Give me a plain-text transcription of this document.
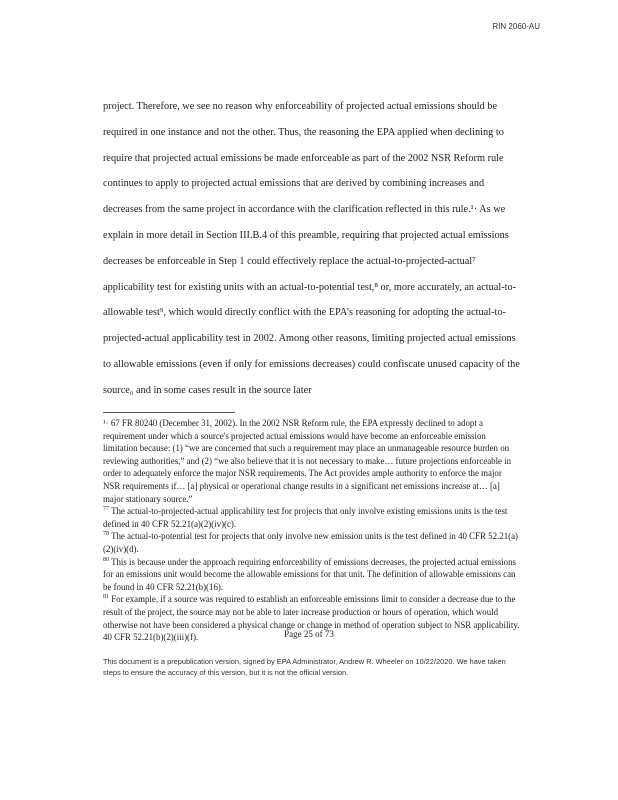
RIN 2060-AU

project. Therefore, we see no reason why enforceability of projected actual emissions should be required in one instance and not the other. Thus, the reasoning the EPA applied when declining to require that projected actual emissions be made enforceable as part of the 2002 NSR Reform rule continues to apply to projected actual emissions that are derived by combining increases and decreases from the same project in accordance with the clarification reflected in this rule.¹· As we explain in more detail in Section III.B.4 of this preamble, requiring that projected actual emissions decreases be enforceable in Step 1 could effectively replace the actual-to-projected-actual⁷ applicability test for existing units with an actual-to-potential test,⁸ or, more accurately, an actual-to-allowable test⁹, which would directly conflict with the EPA’s reasoning for adopting the actual-to-projected-actual applicability test in 2002. Among other reasons, limiting projected actual emissions to allowable emissions (even if only for emissions decreases) could confiscate unused capacity of the source₀ and in some cases result in the source later

¹· 67 FR 80240 (December 31, 2002). In the 2002 NSR Reform rule, the EPA expressly declined to adopt a requirement under which a source's projected actual emissions would have become an enforceable emission limitation because: (1) “we are concerned that such a requirement may place an unmanageable resource burden on reviewing authorities,” and (2) “we also believe that it is not necessary to make… future projections enforceable in order to adequately enforce the major NSR requirements. The Act provides ample authority to enforce the major NSR requirements if… [a] physical or operational change results in a significant net emissions increase at… [a] major stationary source.”

$^{77}$ The actual-to-projected-actual applicability test for projects that only involve existing emissions units is the test defined in 40 CFR 52.21(a)(2)(iv)(c).

$^{78}$ The actual-to-potential test for projects that only involve new emission units is the test defined in 40 CFR 52.21(a)(2)(iv)(d).

$^{80}$ This is because under the approach requiring enforceability of emissions decreases, the projected actual emissions for an emissions unit would become the allowable emissions for that unit. The definition of allowable emissions can be found in 40 CFR 52.21(b)(16).

$^{81}$ For example, if a source was required to establish an enforceable emissions limit to consider a decrease due to the result of the project, the source may not be able to later increase production or hours of operation, which would otherwise not have been considered a physical change or change in method of operation subject to NSR applicability. 40 CFR 52.21(b)(2)(iii)(f).	Page 25 of 73
This document is a prepublication version, signed by EPA Administrator, Andrew R. Wheeler on 10/22/2020. We have taken steps to ensure the accuracy of this version, but it is not the official version.
